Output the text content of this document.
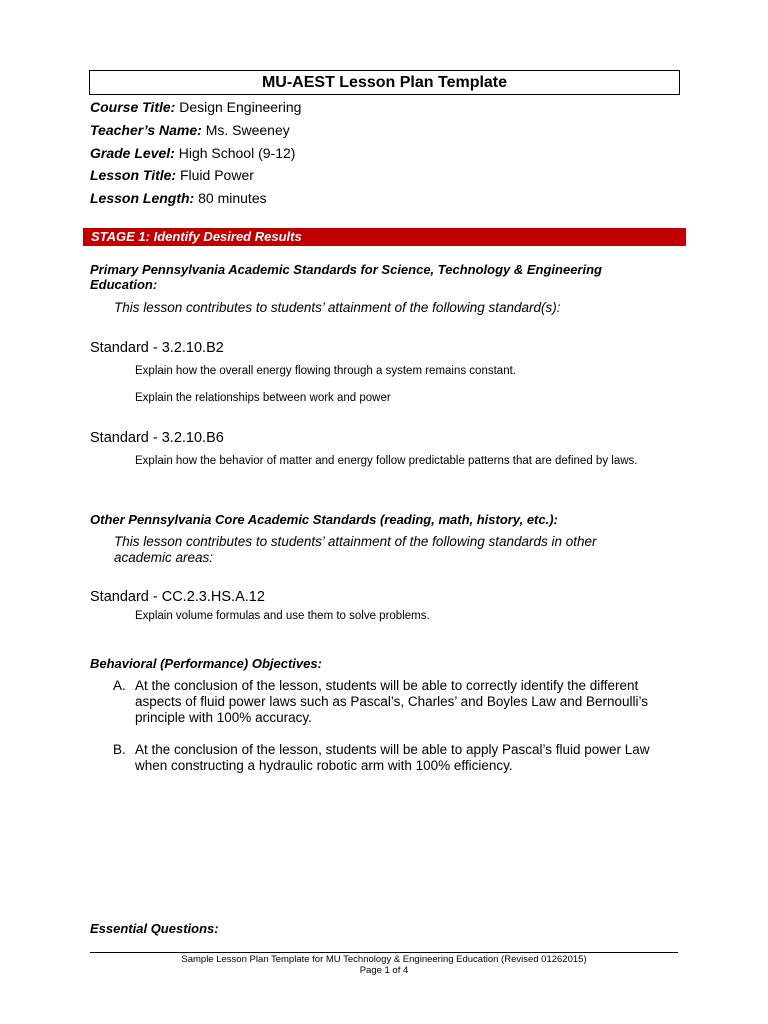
MU-AEST Lesson Plan Template
Course Title: Design Engineering
Teacher’s Name: Ms. Sweeney
Grade Level: High School (9-12)
Lesson Title: Fluid Power
Lesson Length: 80 minutes
STAGE 1: Identify Desired Results
Primary Pennsylvania Academic Standards for Science, Technology & Engineering Education:
This lesson contributes to students’ attainment of the following standard(s):
Standard - 3.2.10.B2
Explain how the overall energy flowing through a system remains constant.
Explain the relationships between work and power
Standard - 3.2.10.B6
Explain how the behavior of matter and energy follow predictable patterns that are defined by laws.
Other Pennsylvania Core Academic Standards (reading, math, history, etc.):
This lesson contributes to students’ attainment of the following standards in other academic areas:
Standard - CC.2.3.HS.A.12
Explain volume formulas and use them to solve problems.
Behavioral (Performance) Objectives:
A. At the conclusion of the lesson, students will be able to correctly identify the different aspects of fluid power laws such as Pascal’s, Charles’ and Boyles Law and Bernoulli’s principle with 100% accuracy.
B. At the conclusion of the lesson, students will be able to apply Pascal’s fluid power Law when constructing a hydraulic robotic arm with 100% efficiency.
Essential Questions:
Sample Lesson Plan Template for MU Technology & Engineering Education (Revised 01262015)
Page 1 of 4
